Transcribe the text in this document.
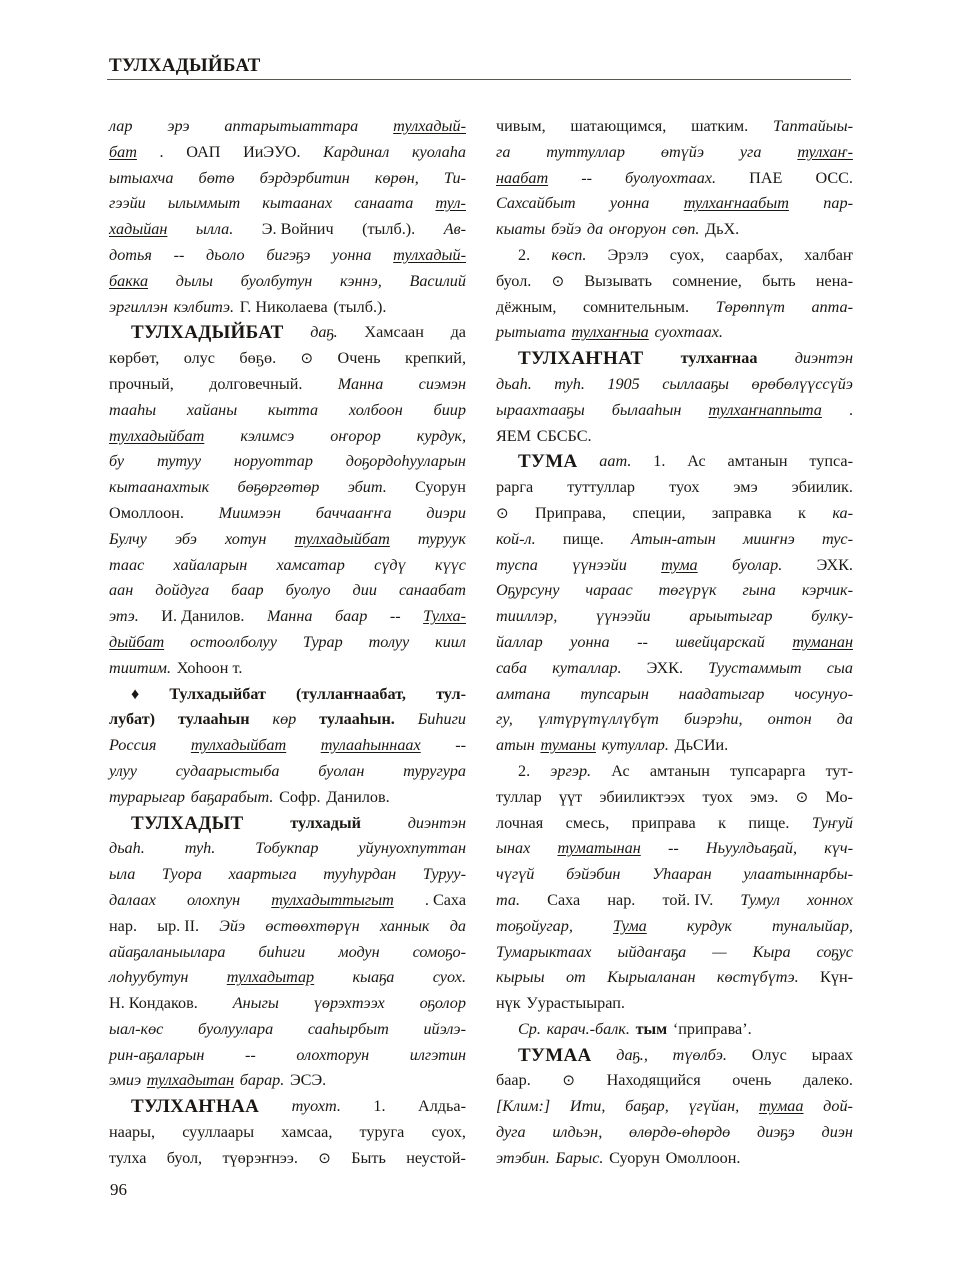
ТУЛХАДЫЙБАТ
лар эрэ аптарытыаттара тулхадый-
бат . ОАП ИиЭУО. Кардинал куолаһа
ытыахча бөтө бэрдэрбитин көрөн, Ти-
гээйи ылыммыт кытаанах санаата тул-
хадыйан ылла. Э. Войнич (тылб.). Ав-
дотья -- дьоло бигэҕэ уонна тулхадый-
бакка дылы буолбутун кэннэ, Василий
эргиллэн кэлбитэ. Г. Николаева (тылб.).
ТУЛХАДЫЙБАТ даҕ. Хамсаан да
көрбөт, олус бөҕө. ⊙ Очень крепкий,
прочный, долговечный. Манна сиэмэн
тааһы хайаны кытта холбоон биир
тулхадыйбат кэлимсэ оҥорор курдук,
бу тутуу норуоттар доҕордоһууларын
кытаанахтык бөҕөргөтөр эбит. Суорун
Омоллоон. Миимээн баччааҥҥа диэри
Булчу эбэ хотун тулхадыйбат туруук
таас хайаларын хамсатар сүдү күүс
аан дойдуга баар буолуо дии санаабат
этэ. И. Данилов. Манна баар -- Тулха-
дыйбат остоолболуу Турар толуу киил
тиитим. Хоһоон т.
♦ Тулхадыйбат (туллаҥнаабат, тул-
лубат) тулааһын көр тулааһын. Биһиги
Россия тулхадыйбат тулааһыннаах --
улуу судаарыстыба буолан туругура
турарыгар баҕарабыт. Софр. Данилов.
ТУЛХАДЫТ	тулхадый	диэнтэн
дьаһ. туһ. Тобукпар уйунуохпуттан
ыла Туора хаартыга тууһурдан Туруу-
далаах олохпун тулхадыттыгыт . Саха
нар. ыр. II. Эйэ өстөөхтөрүн ханнык да
айаҕаланыылара биһиги модун сомоҕо-
лоһуубутун тулхадытар кыаҕа суох.
Н. Кондаков. Аныгы үөрэхтээх оҕолор
ыал-көс буолуулара сааһырбыт ийэлэ-
рин-аҕаларын	--	олохторун	илгэтин
эмиэ тулхадытан барар. ЭСЭ.
ТУЛХАҤНАА туохт. 1. Алдьа-
наары, сууллаары хамсаа, туруга суох,
тулха буол, түөрэҥнээ. ⊙ Быть неустой-
чивым, шатающимся, шатким. Таптайыы-
га туттуллар өтүйэ уга тулхаҥ-
наабат -- буолуохтаах. ПАЕ ОСС.
Сахсайбыт уонна тулхаҥнаабыт пар-
кыаты бэйэ да оҥоруон сөп. ДьХ.
2. көсп. Эрэлэ суох, саарбах, халбаҥ
буол. ⊙ Вызывать сомнение, быть нена-
дёжным, сомнительным. Төрөппүт апта-
рытыата тулхаҥныа суохтаах.
ТУЛХАҤНАТ тулхаҥнаа диэнтэн
дьаһ. туһ. 1905 сыллааҕы өрөбөлүүссүйэ
ыраахтааҕы былааһын тулхаҥнаппыта .
ЯЕМ СБСБС.
ТУМА аат. 1. Ас амтанын тупса-
рарга туттуллар туох эмэ эбиилик.
⊙ Приправа, специи, заправка к ка-
кой-л. пище. Атын-атын мииҥнэ тус-
туспа үүнээйи тума буолар. ЭХК.
Оҕурсуну чараас төгүрүк гына кэрчик-
тииллэр, үүнээйи арыытыгар булку-
йаллар уонна -- швейцарскай туманан
саба куталлар. ЭХК. Туустаммыт сыа
амтана тупсарын наадатыгар чосунуо-
гу, үлтүрүтүллүбүт биэрэһи, онтон да
атын туманы кутуллар. ДьСИи.
2. эргэр. Ас амтанын тупсарарга тут-
туллар үүт эбииликтээх туох эмэ. ⊙ Мо-
лочная смесь, приправа к пище. Туҥуй
ынах туматынан -- Ньуулдьаҕай, күч-
чүгүй бэйэбин Уһааран улаатыннарбы-
та. Саха нар. той. IV. Тумул хоннох
тоҕойугар, Тума курдук туналыйар,
Тумарыктаах ыйдаҥаҕа — Кыра соҕус
кырыы от Кырыаланан көстүбүтэ. Күн-
нүк Уурастыырап.
Ср. карач.-балк. тым ‘приправа’.
ТУМАА даҕ., түөлбэ. Олус ыраах
баар. ⊙ Находящийся очень далеко.
[Клим:] Ити, баҕар, үгүйан, тумаа дой-
дуга илдьэн, өлөрдө-өһөрдө диэҕэ диэн
этэбин. Барыс. Суорун Омоллоон.
96
